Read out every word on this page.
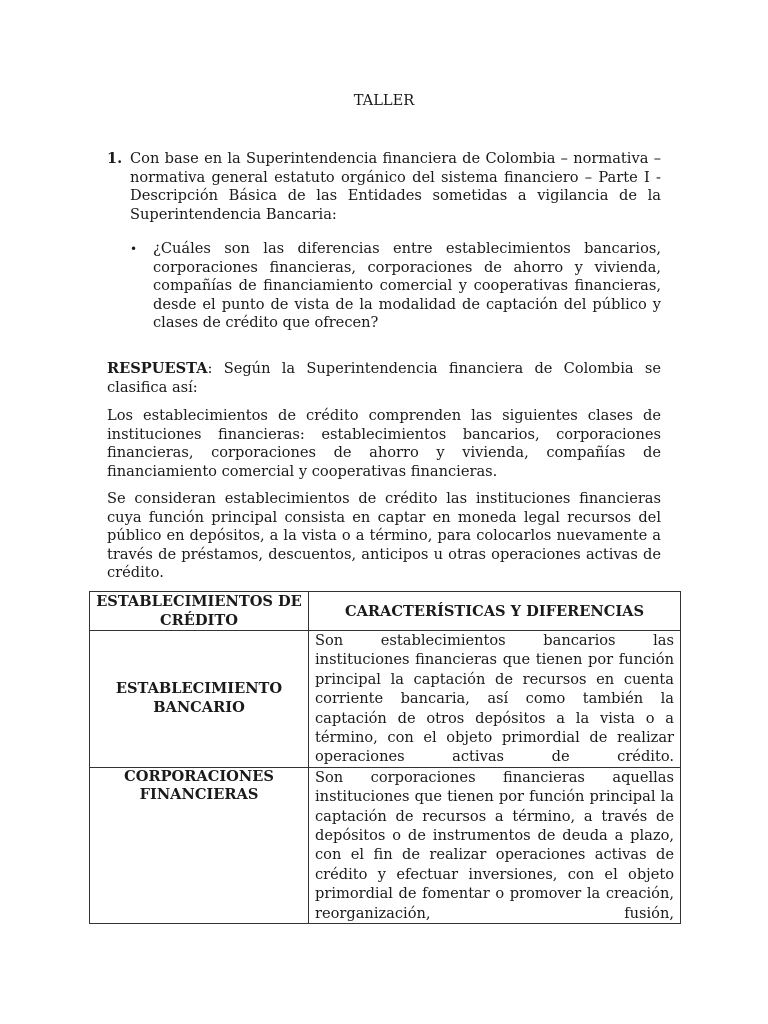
TALLER
1. Con base en la Superintendencia financiera de Colombia – normativa – normativa general estatuto orgánico del sistema financiero – Parte I - Descripción Básica de las Entidades sometidas a vigilancia de la Superintendencia Bancaria:
• ¿Cuáles son las diferencias entre establecimientos bancarios, corporaciones financieras, corporaciones de ahorro y vivienda, compañías de financiamiento comercial y cooperativas financieras, desde el punto de vista de la modalidad de captación del público y clases de crédito que ofrecen?
RESPUESTA: Según la Superintendencia financiera de Colombia se clasifica así:
Los establecimientos de crédito comprenden las siguientes clases de instituciones financieras: establecimientos bancarios, corporaciones financieras, corporaciones de ahorro y vivienda, compañías de financiamiento comercial y cooperativas financieras.
Se consideran establecimientos de crédito las instituciones financieras cuya función principal consista en captar en moneda legal recursos del público en depósitos, a la vista o a término, para colocarlos nuevamente a través de préstamos, descuentos, anticipos u otras operaciones activas de crédito.
ESTABLECIMIENTOS DE CRÉDITO	CARACTERÍSTICAS Y DIFERENCIAS
ESTABLECIMIENTO BANCARIO	Son establecimientos bancarios las instituciones financieras que tienen por función principal la captación de recursos en cuenta corriente bancaria, así como también la captación de otros depósitos a la vista o a término, con el objeto primordial de realizar operaciones activas de crédito.
CORPORACIONES FINANCIERAS	Son corporaciones financieras aquellas instituciones que tienen por función principal la captación de recursos a término, a través de depósitos o de instrumentos de deuda a plazo, con el fin de realizar operaciones activas de crédito y efectuar inversiones, con el objeto primordial de fomentar o promover la creación, reorganización, fusión,
